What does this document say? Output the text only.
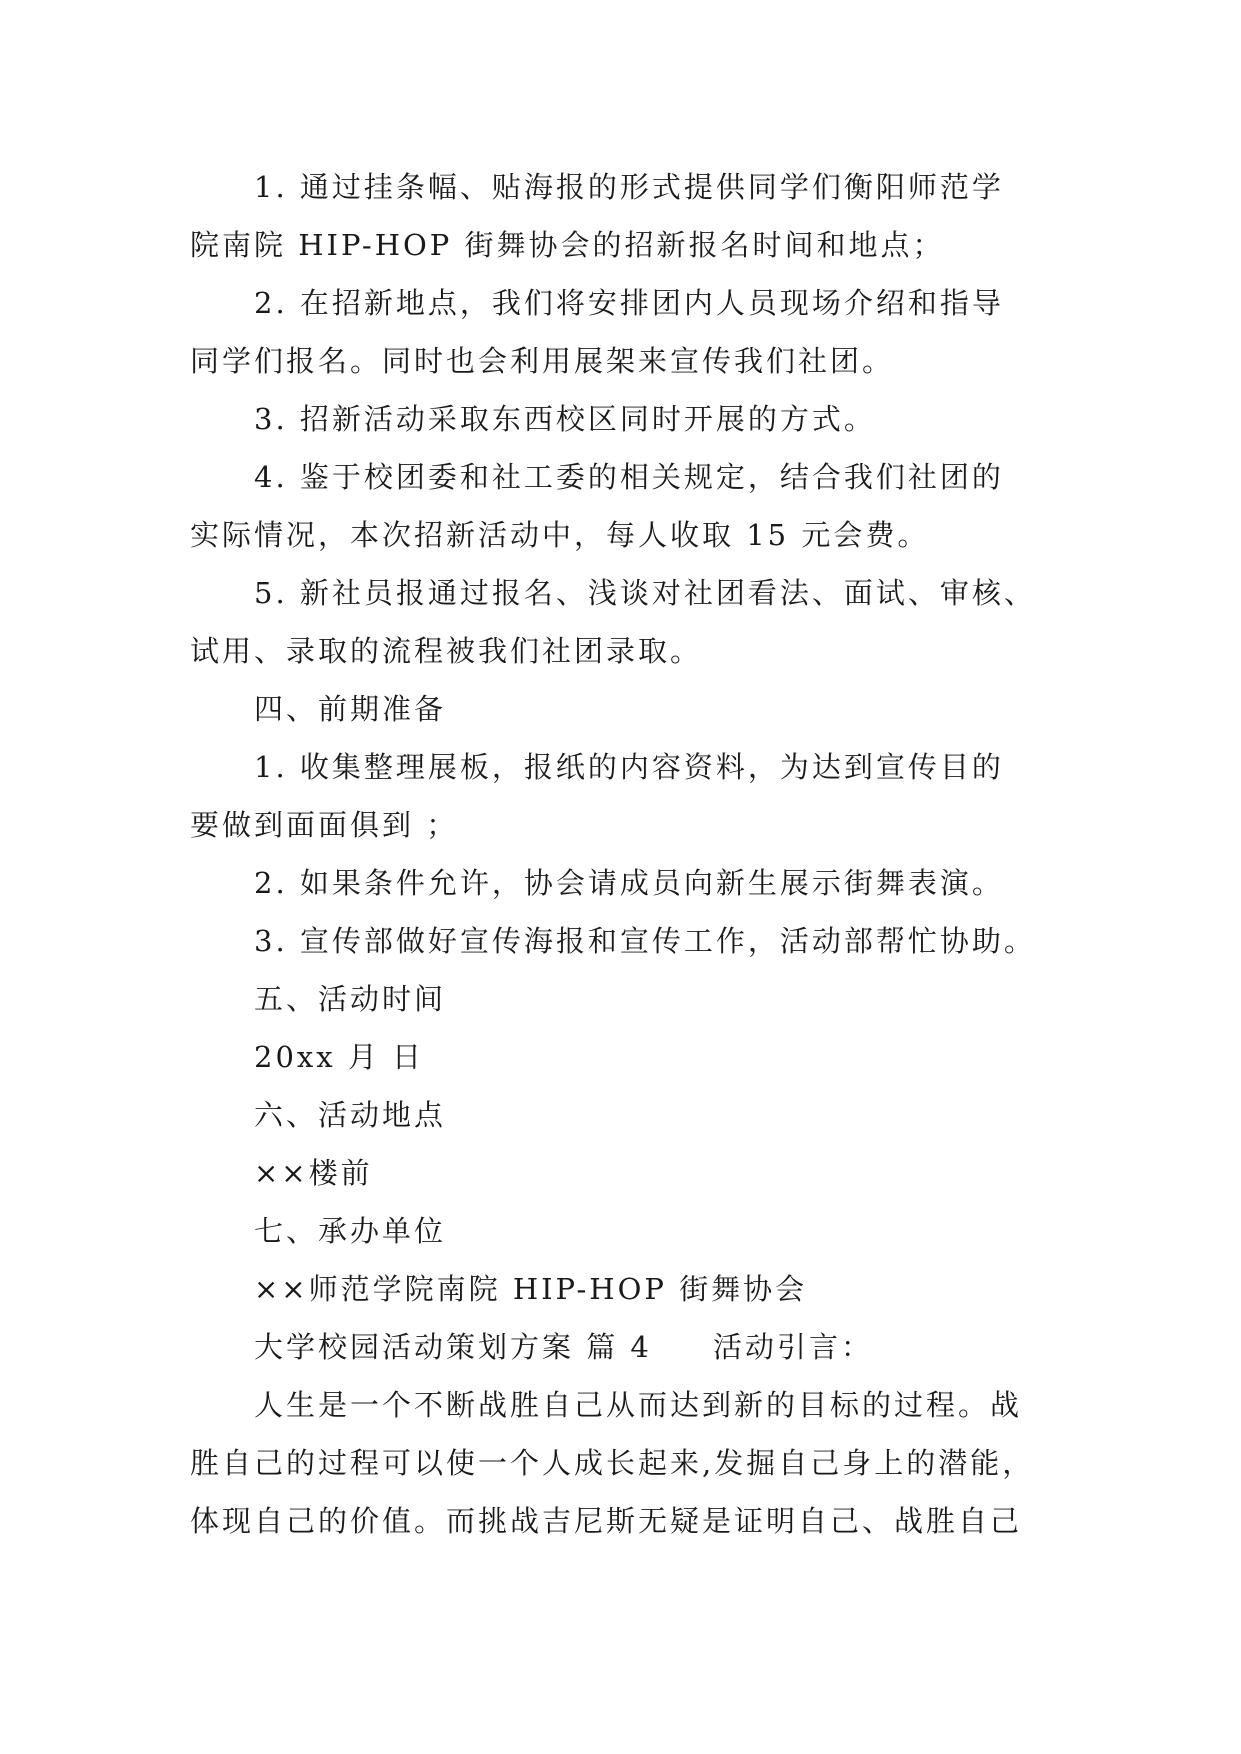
1. 通过挂条幅、贴海报的形式提供同学们衡阳师范学
院南院 HIP-HOP 街舞协会的招新报名时间和地点；

2. 在招新地点，我们将安排团内人员现场介绍和指导
同学们报名。同时也会利用展架来宣传我们社团。

3. 招新活动采取东西校区同时开展的方式。

4. 鉴于校团委和社工委的相关规定，结合我们社团的
实际情况，本次招新活动中，每人收取 15 元会费。

5. 新社员报通过报名、浅谈对社团看法、面试、审核、
试用、录取的流程被我们社团录取。

四、前期准备

1. 收集整理展板，报纸的内容资料，为达到宣传目的
要做到面面俱到 ；

2. 如果条件允许，协会请成员向新生展示街舞表演。

3. 宣传部做好宣传海报和宣传工作，活动部帮忙协助。

五、活动时间

20xx 月 日

六、活动地点

××楼前

七、承办单位

××师范学院南院 HIP-HOP 街舞协会

大学校园活动策划方案 篇 4     活动引言：

人生是一个不断战胜自己从而达到新的目标的过程。战
胜自己的过程可以使一个人成长起来,发掘自己身上的潜能，
体现自己的价值。而挑战吉尼斯无疑是证明自己、战胜自己
